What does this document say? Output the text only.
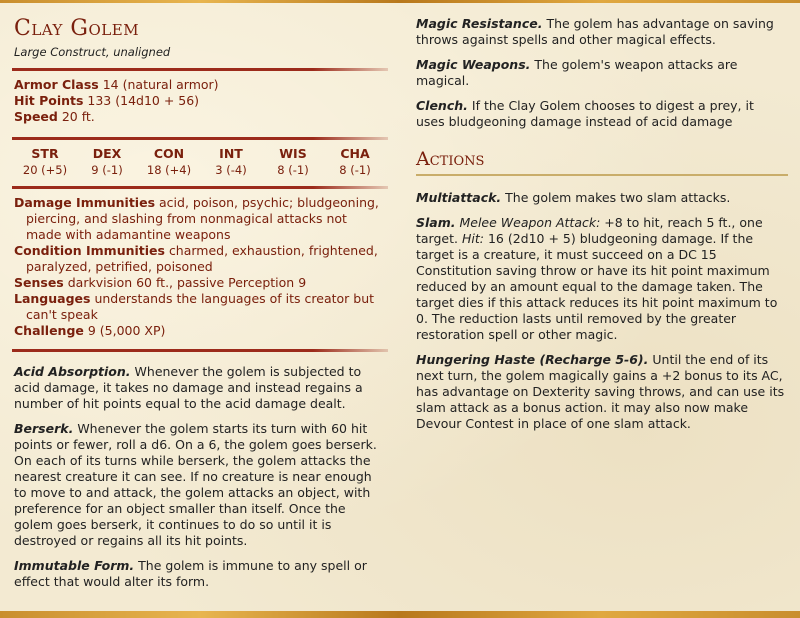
Clay Golem
Large Construct, unaligned
Armor Class 14 (natural armor)
Hit Points 133 (14d10 + 56)
Speed 20 ft.
STR
20 (+5)
DEX
9 (-1)
CON
18 (+4)
INT
3 (-4)
WIS
8 (-1)
CHA
8 (-1)
Damage Immunities acid, poison, psychic; bludgeoning, piercing, and slashing from nonmagical attacks not made with adamantine weapons
Condition Immunities charmed, exhaustion, frightened, paralyzed, petrified, poisoned
Senses darkvision 60 ft., passive Perception 9
Languages understands the languages of its creator but can't speak
Challenge 9 (5,000 XP)

Acid Absorption. Whenever the golem is subjected to acid damage, it takes no damage and instead regains a number of hit points equal to the acid damage dealt.

Berserk. Whenever the golem starts its turn with 60 hit points or fewer, roll a d6. On a 6, the golem goes berserk. On each of its turns while berserk, the golem attacks the nearest creature it can see. If no creature is near enough to move to and attack, the golem attacks an object, with preference for an object smaller than itself. Once the golem goes berserk, it continues to do so until it is destroyed or regains all its hit points.

Immutable Form. The golem is immune to any spell or effect that would alter its form.

Magic Resistance. The golem has advantage on saving throws against spells and other magical effects.

Magic Weapons. The golem's weapon attacks are magical.

Clench. If the Clay Golem chooses to digest a prey, it uses bludgeoning damage instead of acid damage

Actions

Multiattack. The golem makes two slam attacks.

Slam. Melee Weapon Attack: +8 to hit, reach 5 ft., one target. Hit: 16 (2d10 + 5) bludgeoning damage. If the target is a creature, it must succeed on a DC 15 Constitution saving throw or have its hit point maximum reduced by an amount equal to the damage taken. The target dies if this attack reduces its hit point maximum to 0. The reduction lasts until removed by the greater restoration spell or other magic.

Hungering Haste (Recharge 5-6). Until the end of its next turn, the golem magically gains a +2 bonus to its AC, has advantage on Dexterity saving throws, and can use its slam attack as a bonus action. it may also now make Devour Contest in place of one slam attack.
